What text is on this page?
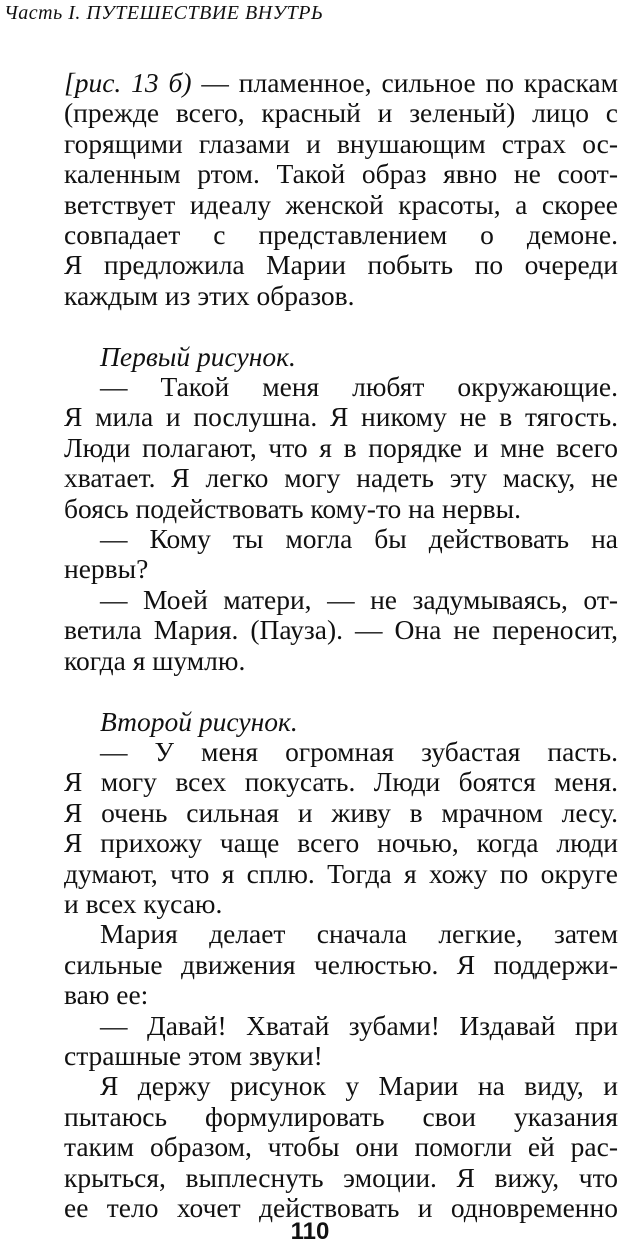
Часть I. ПУТЕШЕСТВИЕ ВНУТРЬ
[рис. 13 б) — пламенное, сильное по краскам
(прежде всего, красный и зеленый) лицо с
горящими глазами и внушающим страх ос-
каленным ртом. Такой образ явно не соот-
ветствует идеалу женской красоты, а скорее
совпадает с представлением о демоне.
Я предложила Марии побыть по очереди
каждым из этих образов.
Первый рисунок.
— Такой меня любят окружающие.
Я мила и послушна. Я никому не в тягость.
Люди полагают, что я в порядке и мне всего
хватает. Я легко могу надеть эту маску, не
боясь подействовать кому-то на нервы.
— Кому ты могла бы действовать на
нервы?
— Моей матери, — не задумываясь, от-
ветила Мария. (Пауза). — Она не переносит,
когда я шумлю.
Второй рисунок.
— У меня огромная зубастая пасть.
Я могу всех покусать. Люди боятся меня.
Я очень сильная и живу в мрачном лесу.
Я прихожу чаще всего ночью, когда люди
думают, что я сплю. Тогда я хожу по округе
и всех кусаю.
Мария делает сначала легкие, затем
сильные движения челюстью. Я поддержи-
ваю ее:
— Давай! Хватай зубами! Издавай при
страшные этом звуки!
Я держу рисунок у Марии на виду, и
пытаюсь формулировать свои указания
таким образом, чтобы они помогли ей рас-
крыться, выплеснуть эмоции. Я вижу, что
ее тело хочет действовать и одновременно
110
